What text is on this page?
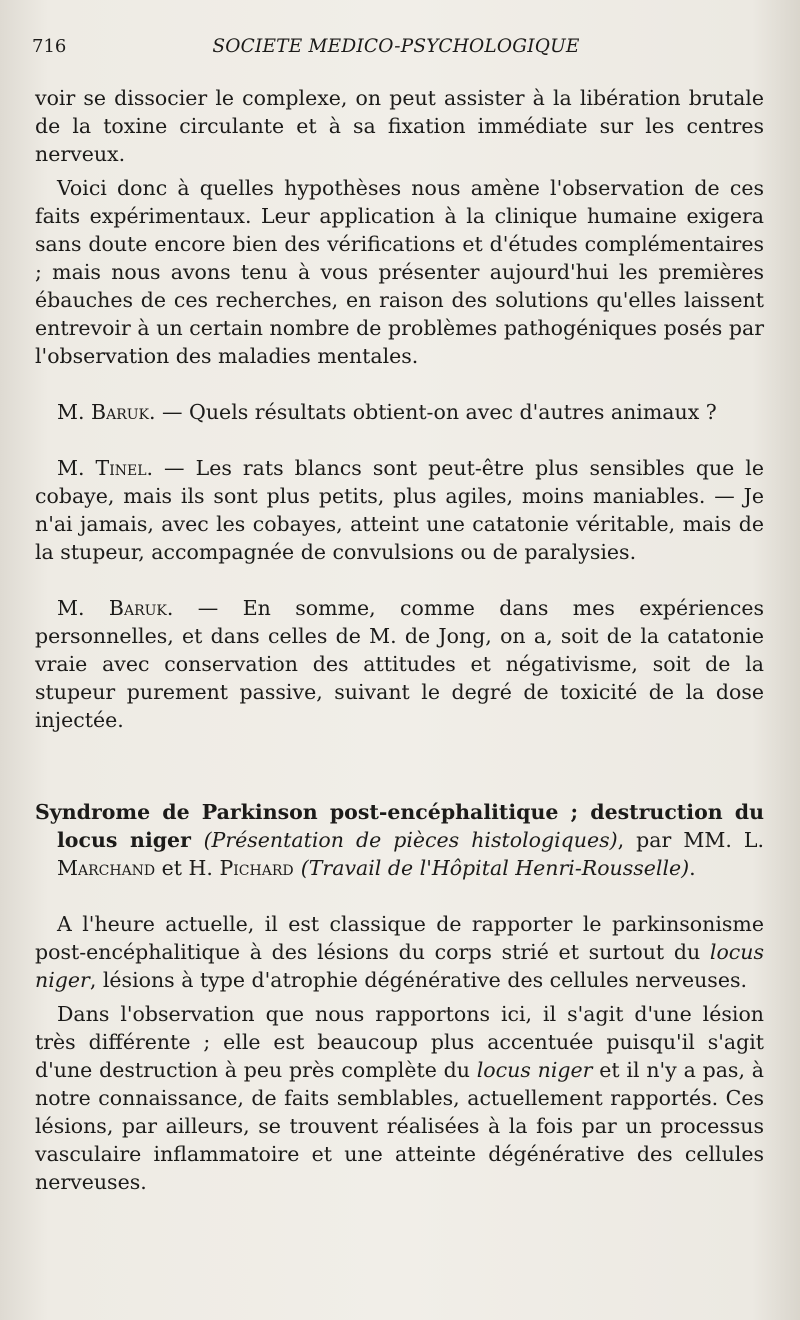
716	SOCIETE MEDICO-PSYCHOLOGIQUE

voir se dissocier le complexe, on peut assister à la libération brutale de la toxine circulante et à sa fixation immédiate sur les centres nerveux.

Voici donc à quelles hypothèses nous amène l'observation de ces faits expérimentaux. Leur application à la clinique humaine exigera sans doute encore bien des vérifications et d'études complémentaires ; mais nous avons tenu à vous présenter aujourd'hui les premières ébauches de ces recherches, en raison des solutions qu'elles laissent entrevoir à un certain nombre de problèmes pathogéniques posés par l'observation des maladies mentales.

M. Baruk. — Quels résultats obtient-on avec d'autres animaux ?

M. Tinel. — Les rats blancs sont peut-être plus sensibles que le cobaye, mais ils sont plus petits, plus agiles, moins maniables. — Je n'ai jamais, avec les cobayes, atteint une catatonie véritable, mais de la stupeur, accompagnée de convulsions ou de paralysies.

M. Baruk. — En somme, comme dans mes expériences personnelles, et dans celles de M. de Jong, on a, soit de la catatonie vraie avec conservation des attitudes et négativisme, soit de la stupeur purement passive, suivant le degré de toxicité de la dose injectée.

Syndrome de Parkinson post-encéphalitique ; destruction du locus niger (Présentation de pièces histologiques), par MM. L. Marchand et H. Pichard (Travail de l'Hôpital Henri-Rousselle).

A l'heure actuelle, il est classique de rapporter le parkinsonisme post-encéphalitique à des lésions du corps strié et surtout du locus niger, lésions à type d'atrophie dégénérative des cellules nerveuses.

Dans l'observation que nous rapportons ici, il s'agit d'une lésion très différente ; elle est beaucoup plus accentuée puisqu'il s'agit d'une destruction à peu près complète du locus niger et il n'y a pas, à notre connaissance, de faits semblables, actuellement rapportés. Ces lésions, par ailleurs, se trouvent réalisées à la fois par un processus vasculaire inflammatoire et une atteinte dégénérative des cellules nerveuses.
